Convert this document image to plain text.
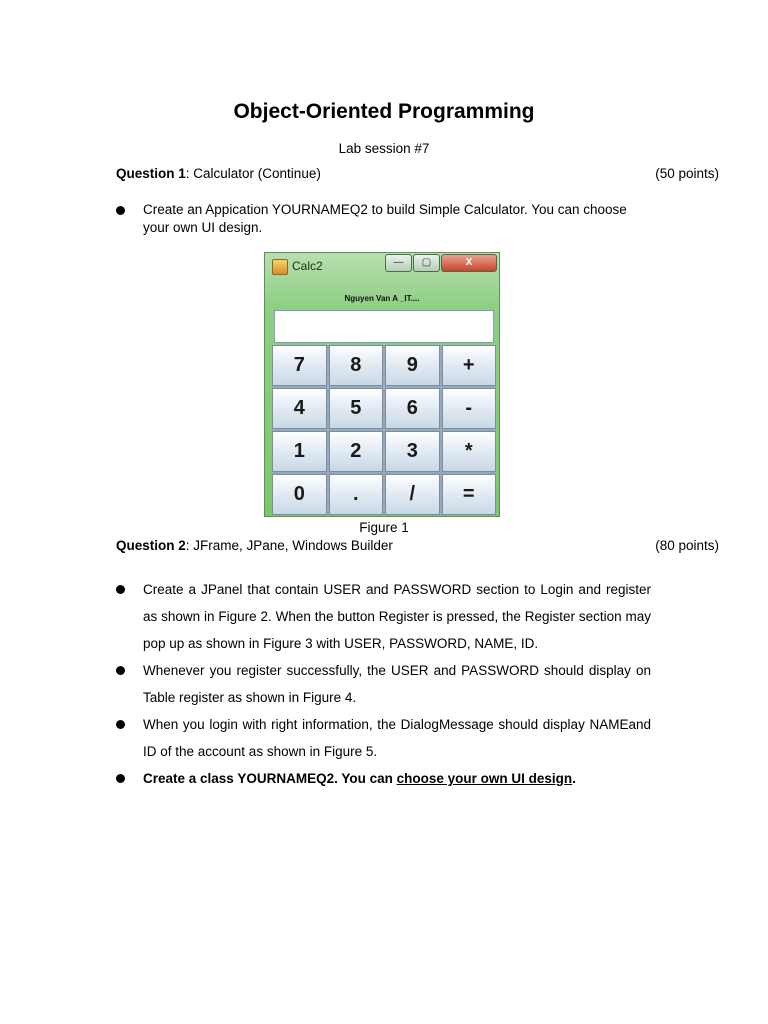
Object-Oriented Programming
Lab session #7
Question 1: Calculator (Continue)	(50 points)
Create an Appication YOURNAMEQ2 to build Simple Calculator. You can choose your own UI design.
Calc2	—	▢	X
Nguyen Van A _IT....
7	8	9	+
4	5	6	-
1	2	3	*
0	.	/	=
Figure 1
Question 2: JFrame, JPane, Windows Builder	(80 points)
Create a JPanel that contain USER and PASSWORD section to Login and register as shown in Figure 2. When the button Register is pressed, the Register section may pop up as shown in Figure 3 with USER, PASSWORD, NAME, ID.
Whenever you register successfully, the USER and PASSWORD should display on Table register as shown in Figure 4.
When you login with right information, the DialogMessage should display NAMEand ID of the account as shown in Figure 5.
Create a class YOURNAMEQ2. You can choose your own UI design.
